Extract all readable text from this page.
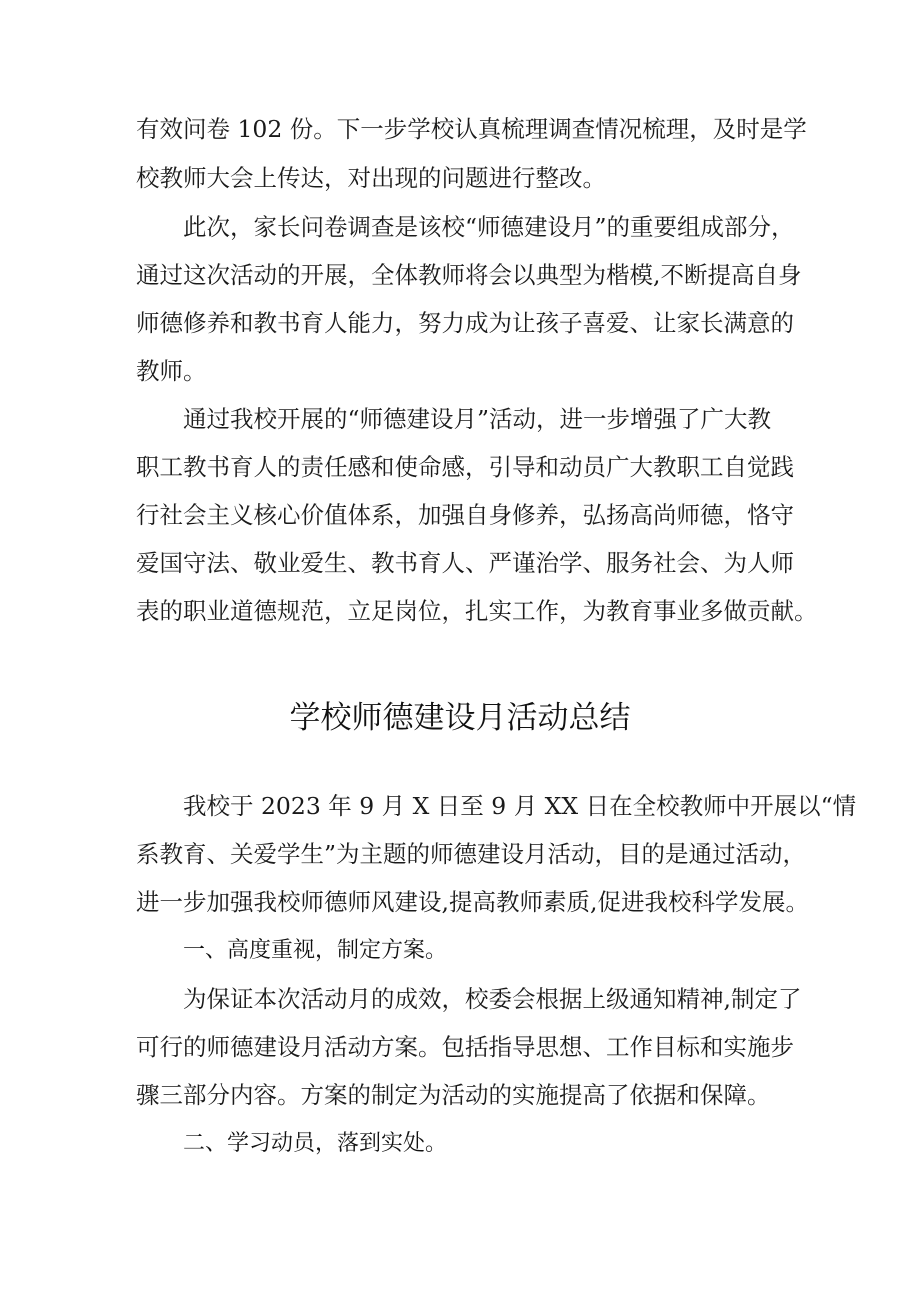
有效问卷 102 份。下一步学校认真梳理调查情况梳理，及时是学
校教师大会上传达，对出现的问题进行整改。
此次，家长问卷调查是该校“师德建设月”的重要组成部分，
通过这次活动的开展，全体教师将会以典型为楷模,不断提高自身
师德修养和教书育人能力，努力成为让孩子喜爱、让家长满意的
教师。
通过我校开展的“师德建设月”活动，进一步增强了广大教
职工教书育人的责任感和使命感，引导和动员广大教职工自觉践
行社会主义核心价值体系，加强自身修养，弘扬高尚师德，恪守
爱国守法、敬业爱生、教书育人、严谨治学、服务社会、为人师
表的职业道德规范，立足岗位，扎实工作，为教育事业多做贡献。
学校师德建设月活动总结
我校于 2023 年 9 月 X 日至 9 月 XX 日在全校教师中开展以“情
系教育、关爱学生”为主题的师德建设月活动，目的是通过活动，
进一步加强我校师德师风建设,提高教师素质,促进我校科学发展。
一、高度重视，制定方案。
为保证本次活动月的成效，校委会根据上级通知精神,制定了
可行的师德建设月活动方案。包括指导思想、工作目标和实施步
骤三部分内容。方案的制定为活动的实施提高了依据和保障。
二、学习动员，落到实处。
